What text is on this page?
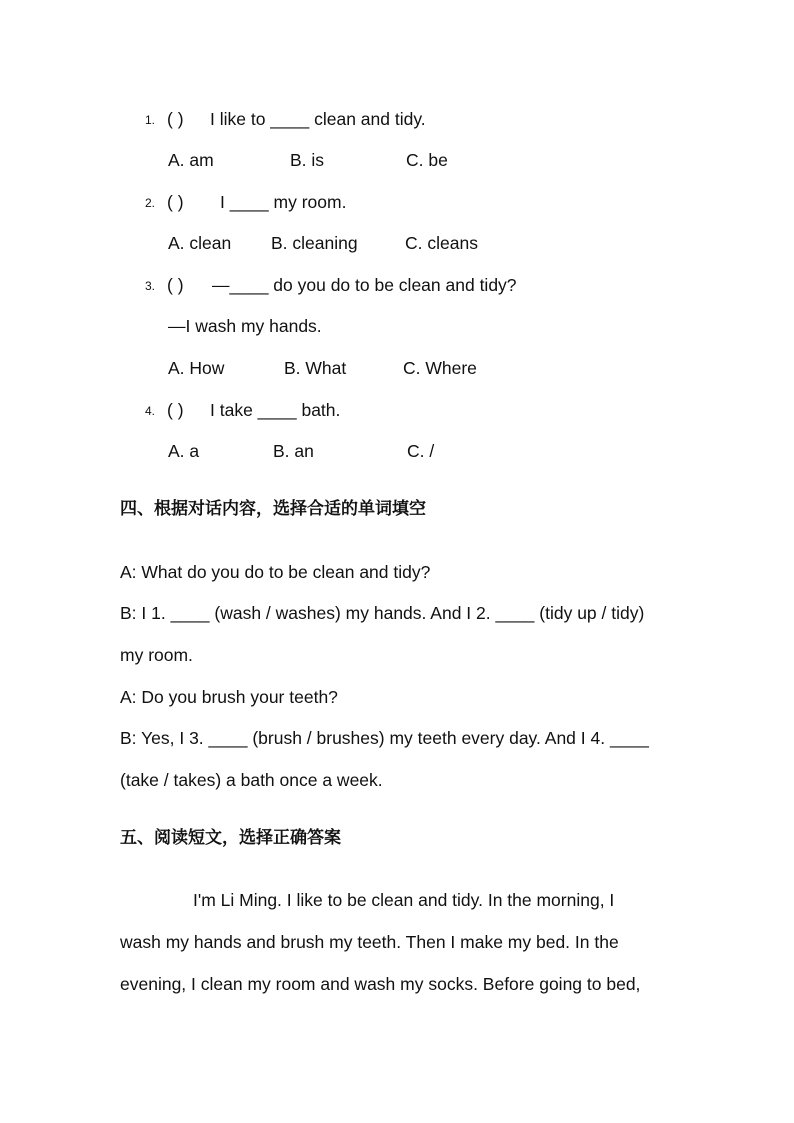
1. ( ) I like to ____ clean and tidy.
A. am	B. is	C. be
2. ( ) I ____ my room.
A. clean B. cleaning	C. cleans
3. ( ) —____ do you do to be clean and tidy?
—I wash my hands.
A. How	B. What	C. Where
4. ( ) I take ____ bath.
A. a	B. an	C. /
四、根据对话内容，选择合适的单词填空
A: What do you do to be clean and tidy?
B: I 1. ____ (wash / washes) my hands. And I 2. ____ (tidy up / tidy)
my room.
A: Do you brush your teeth?
B: Yes, I 3. ____ (brush / brushes) my teeth every day. And I 4. ____
(take / takes) a bath once a week.
五、阅读短文，选择正确答案
I'm Li Ming. I like to be clean and tidy. In the morning, I
wash my hands and brush my teeth. Then I make my bed. In the
evening, I clean my room and wash my socks. Before going to bed,
